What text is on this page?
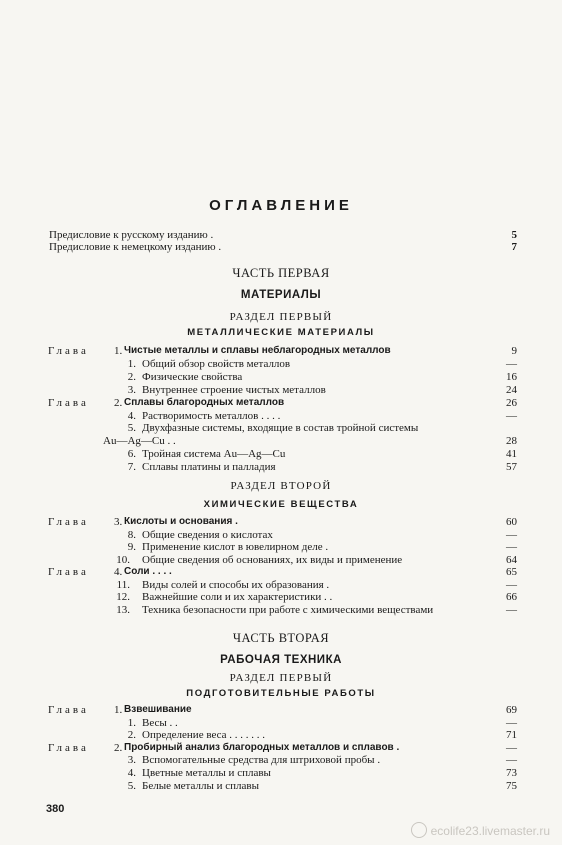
ОГЛАВЛЕНИЕ
Предисловие к русскому изданию .	5
Предисловие к немецкому изданию .	7
ЧАСТЬ ПЕРВАЯ
МАТЕРИАЛЫ
РАЗДЕЛ ПЕРВЫЙ
МЕТАЛЛИЧЕСКИЕ МАТЕРИАЛЫ
Глава 1. Чистые металлы и сплавы неблагородных металлов	9
1. Общий обзор свойств металлов	—
2. Физические свойства	16
3. Внутреннее строение чистых металлов	24
Глава 2. Сплавы благородных металлов	26
4. Растворимость металлов . . . .	—
5. Двухфазные системы, входящие в состав тройной системы
Au—Ag—Cu . .	28
6. Тройная система Au—Ag—Cu	41
7. Сплавы платины и палладия	57
РАЗДЕЛ ВТОРОЙ
ХИМИЧЕСКИЕ ВЕЩЕСТВА
Глава 3. Кислоты и основания .	60
8. Общие сведения о кислотах	—
9. Применение кислот в ювелирном деле .	—
10. Общие сведения об основаниях, их виды и применение	64
Глава 4. Соли . . . .	65
11. Виды солей и способы их образования .	—
12. Важнейшие соли и их характеристики . .	66
13. Техника безопасности при работе с химическими веществами	—
ЧАСТЬ ВТОРАЯ
РАБОЧАЯ ТЕХНИКА
РАЗДЕЛ ПЕРВЫЙ
ПОДГОТОВИТЕЛЬНЫЕ РАБОТЫ
Глава 1. Взвешивание	69
1. Весы . .	—
2. Определение веса . . . . . . .	71
Глава 2. Пробирный анализ благородных металлов и сплавов .	—
3. Вспомогательные средства для штриховой пробы .	—
4. Цветные металлы и сплавы	73
5. Белые металлы и сплавы	75
380
ecolife23.livemaster.ru
